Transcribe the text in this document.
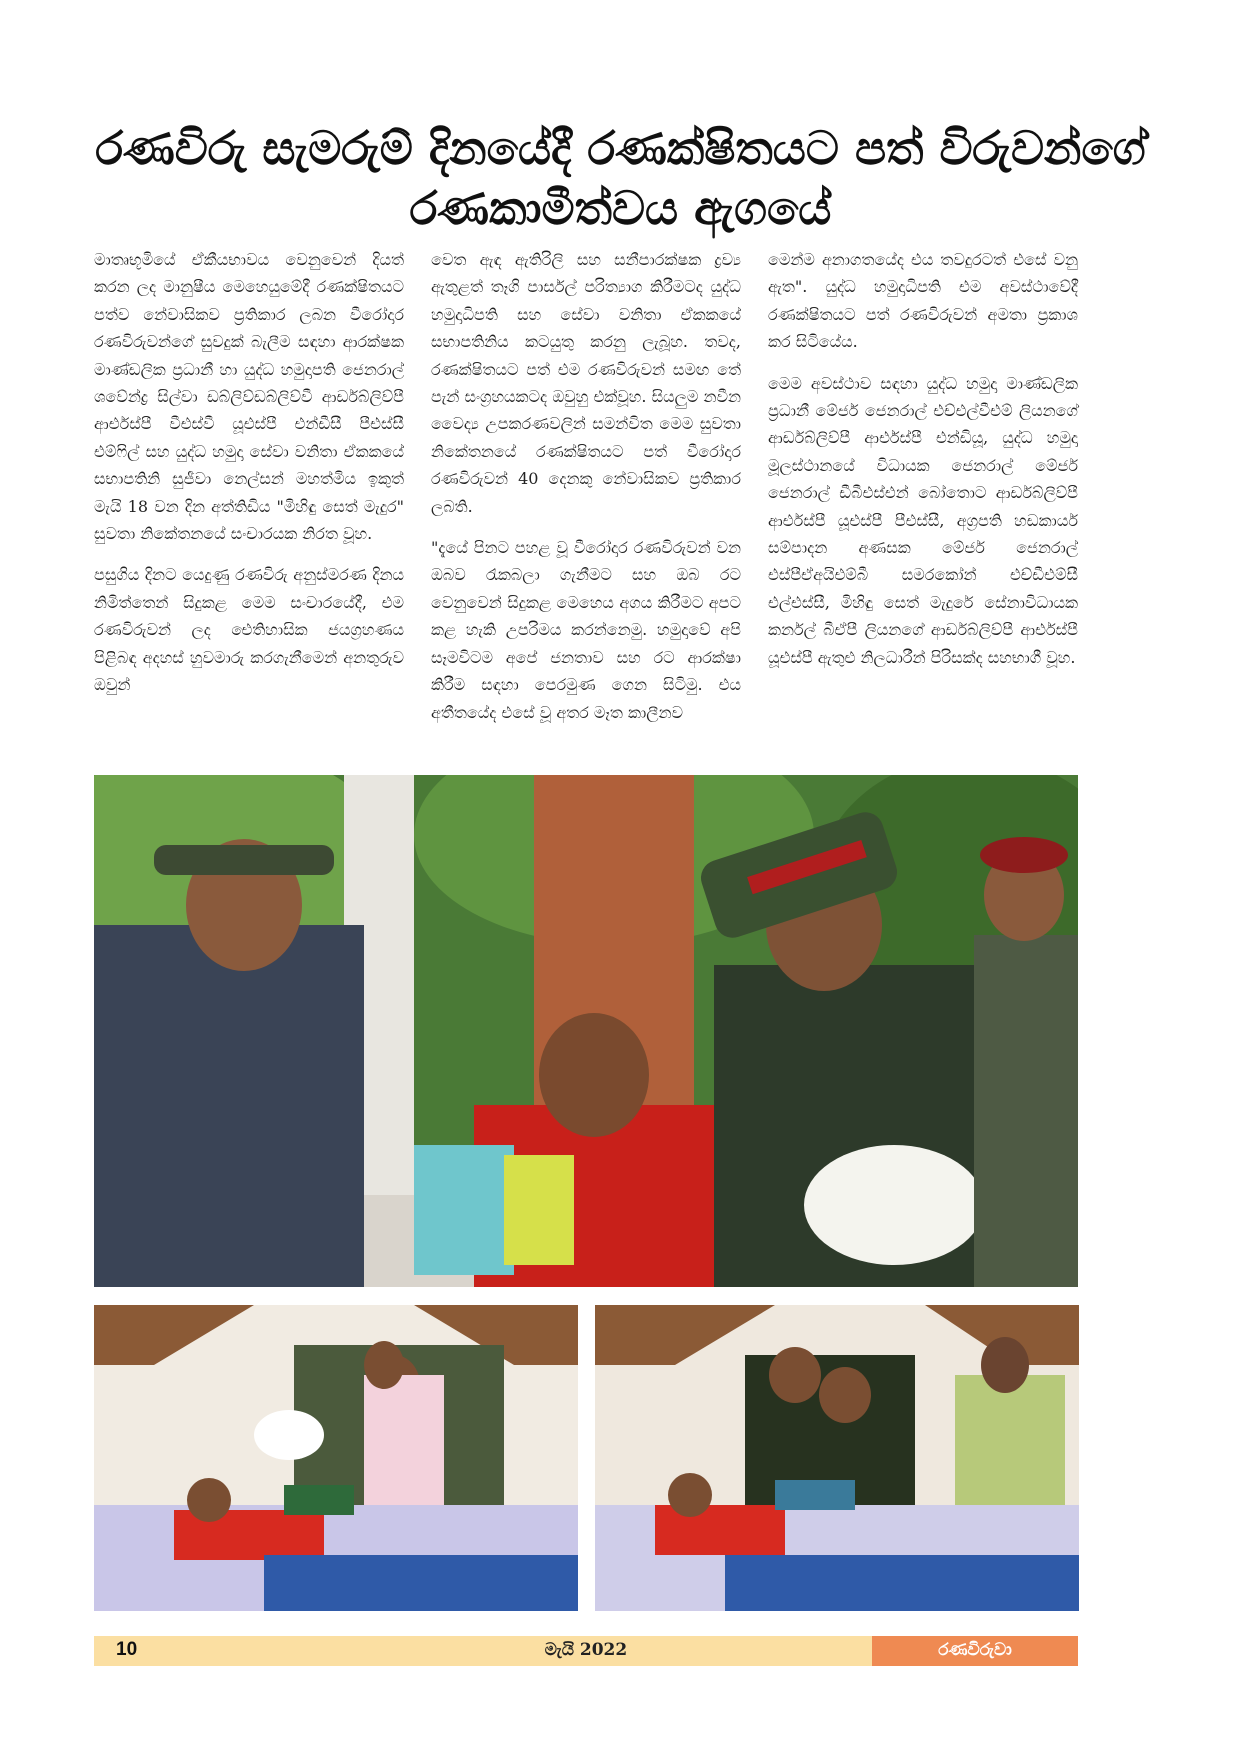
රණවිරු සැමරුම් දිනයේදී රණක්ෂිතයට පත් විරුවන්ගේ
රණකාමීත්වය ඇගයේ

මාතෘභූමියේ ඒකීයභාවය වෙනුවෙන් දියත් කරන ලද මානුෂීය මෙහෙයුමේදී රණක්ෂිතයට පත්ව නේවාසිකව ප්‍රතිකාර ලබන වීරෝදාර රණවිරුවන්ගේ සුවදුක් බැලීම සඳහා ආරක්ෂක මාණ්ඩලික ප්‍රධානී හා යුද්ධ හමුදාපති ජෙනරාල් ශවේන්ද්‍ර සිල්වා ඩබ්ලිව්ඩබ්ලිව්වී ආර්ඩබ්ලිව්පී ආර්එස්පී වීඑස්වී යූඑස්පී එන්ඩීසී පීඑස්සී එම්ෆිල් සහ යුද්ධ හමුදා සේවා වනිතා ඒකකයේ සභාපතිනි සුජීවා නෙල්සන් මහත්මිය ඉකුත් මැයි 18 වන දින අත්තිඩිය "මිහිඳු සෙත් මැදුර" සුවතා නිකේතනයේ සංචාරයක නිරත වූහ.

පසුගිය දිනට යෙදුණු රණවිරු අනුස්මරණ දිනය නිමිත්තෙන් සිදුකළ මෙම සංචාරයේදී, එම රණවිරුවන් ලද ඓතිහාසික ජයග්‍රහණය පිළිබඳ අදහස් හුවමාරු කරගැනීමෙන් අනතුරුව ඔවුන්

වෙත ඇඳ ඇතිරිලි සහ සනීපාරක්ෂක ද්‍රව්‍ය ඇතුළත් තෑගි පාර්සල් පරිත්‍යාග කිරීමටද යුද්ධ හමුදාධිපති සහ සේවා වනිතා ඒකකයේ සභාපතිනිය කටයුතු කරනු ලැබූහ. තවද, රණක්ෂිතයට පත් එම රණවිරුවන් සමඟ තේ පැන් සංග්‍රහයකටද ඔවුහු එක්වූහ. සියලුම නවීන වෛද්‍ය උපකරණවලින් සමන්විත මෙම සුවතා නිකේතනයේ රණක්ෂිතයට පත් වීරෝදාර රණවිරුවන් 40 දෙනකු නේවාසිකව ප්‍රතිකාර ලබති.

"දැයේ පිනට පහළ වූ වීරෝදාර රණවිරුවන් වන ඔබව රැකබලා ගැනීමට සහ ඔබ රට වෙනුවෙන් සිදුකළ මෙහෙය අගය කිරීමට අපට කළ හැකි උපරිමය කරන්නෙමු. හමුදාවේ අපි සෑමවිටම අපේ ජනතාව සහ රට ආරක්ෂා කිරීම සඳහා පෙරමුණ ගෙන සිටිමු. එය අතීතයේද එසේ වූ අතර මෑත කාලීනව

මෙන්ම අනාගතයේද එය තවදුරටත් එසේ වනු ඇත". යුද්ධ හමුදාධිපති එම අවස්ථාවේදී රණක්ෂිතයට පත් රණවිරුවන් අමතා ප්‍රකාශ කර සිටියේය.

මෙම අවස්ථාව සඳහා යුද්ධ හමුදා මාණ්ඩලික ප්‍රධානී මේජර් ජෙනරාල් එච්එල්වීඑම් ලියනගේ ආර්ඩබ්ලිව්පී ආර්එස්පී එන්ඩියූ, යුද්ධ හමුදා මූලස්ථානයේ විධායක ජෙනරාල් මේජර් ජෙනරාල් ඩීබීඑස්එන් බෝතොට ආර්ඩබ්ලිව්පී ආර්එස්පී යූඑස්පී පීඑස්සී, අග්‍රපති හඩකාර්ය සම්පාදන අණසක මේජර් ජෙනරාල් එස්පීඒඅයිඑම්බී සමරකෝන් එච්ඩීඑම්සී එල්එස්සී, මිහිඳු සෙත් මැදුරේ සේනාවිධායක කර්නල් බීඒපී ලියනගේ ආර්ඩබ්ලිව්පී ආර්එස්පී යූඑස්පී ඇතුළු නිලධාරීන් පිරිසක්ද සහභාගී වූහ.

10	මැයි 2022	රණවිරුවා
